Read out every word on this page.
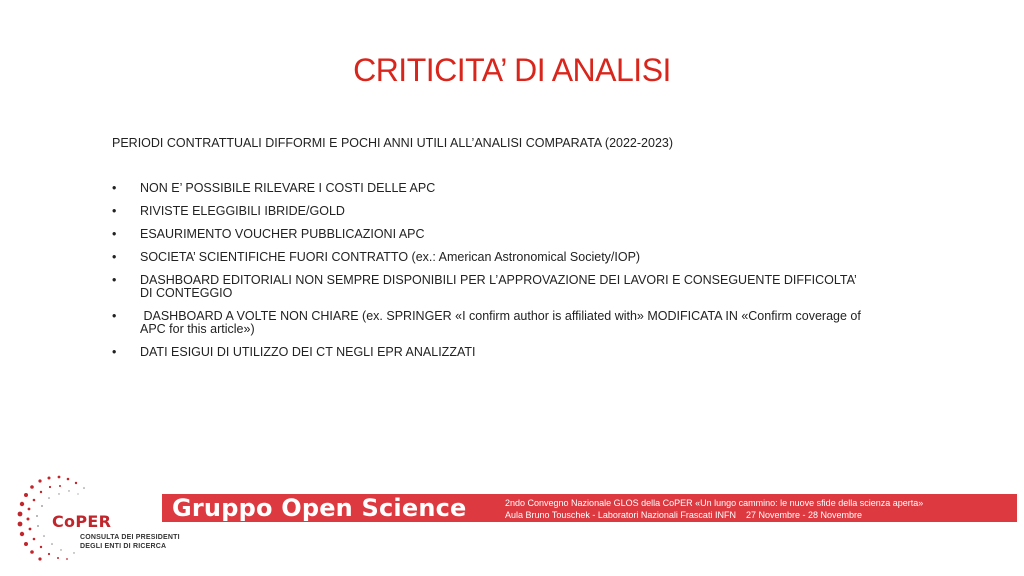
CRITICITA’ DI ANALISI
PERIODI CONTRATTUALI DIFFORMI E POCHI ANNI UTILI ALL’ANALISI COMPARATA (2022-2023)
• NON E’ POSSIBILE RILEVARE I COSTI DELLE APC
• RIVISTE ELEGGIBILI IBRIDE/GOLD
• ESAURIMENTO VOUCHER PUBBLICAZIONI APC
• SOCIETA’ SCIENTIFICHE FUORI CONTRATTO (ex.: American Astronomical Society/IOP)
• DASHBOARD EDITORIALI NON SEMPRE DISPONIBILI PER L’APPROVAZIONE DEI LAVORI E CONSEGUENTE DIFFICOLTA’ DI CONTEGGIO
• DASHBOARD A VOLTE NON CHIARE (ex. SPRINGER «I confirm author is affiliated with» MODIFICATA IN «Confirm coverage of APC for this article»)
• DATI ESIGUI DI UTILIZZO DEI CT NEGLI EPR ANALIZZATI
CoPER
CONSULTA DEI PRESIDENTI
DEGLI ENTI DI RICERCA
Gruppo Open Science	2ndo Convegno Nazionale GLOS della CoPER «Un lungo cammino: le nuove sfide della scienza aperta»
Aula Bruno Touschek - Laboratori Nazionali Frascati INFN    27 Novembre - 28 Novembre
